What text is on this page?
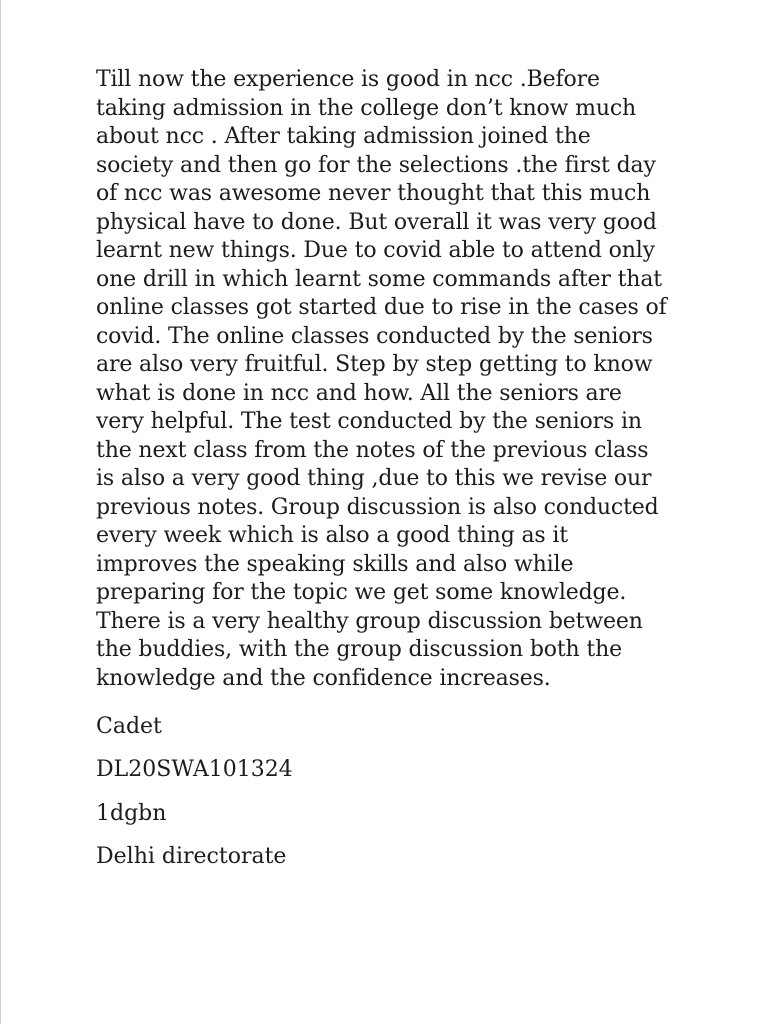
Till now the experience is good in ncc .Before
taking admission in the college don’t know much
about ncc . After taking admission joined the
society and then go for the selections .the first day
of ncc was awesome never thought that this much
physical have to done. But overall it was very good
learnt new things. Due to covid able to attend only
one drill in which learnt some commands after that
online classes got started due to rise in the cases of
covid. The online classes conducted by the seniors
are also very fruitful. Step by step getting to know
what is done in ncc and how. All the seniors are
very helpful. The test conducted by the seniors in
the next class from the notes of the previous class
is also a very good thing ,due to this we revise our
previous notes. Group discussion is also conducted
every week which is also a good thing as it
improves the speaking skills and also while
preparing for the topic we get some knowledge.
There is a very healthy group discussion between
the buddies, with the group discussion both the
knowledge and the confidence increases.

Cadet
DL20SWA101324
1dgbn
Delhi directorate
